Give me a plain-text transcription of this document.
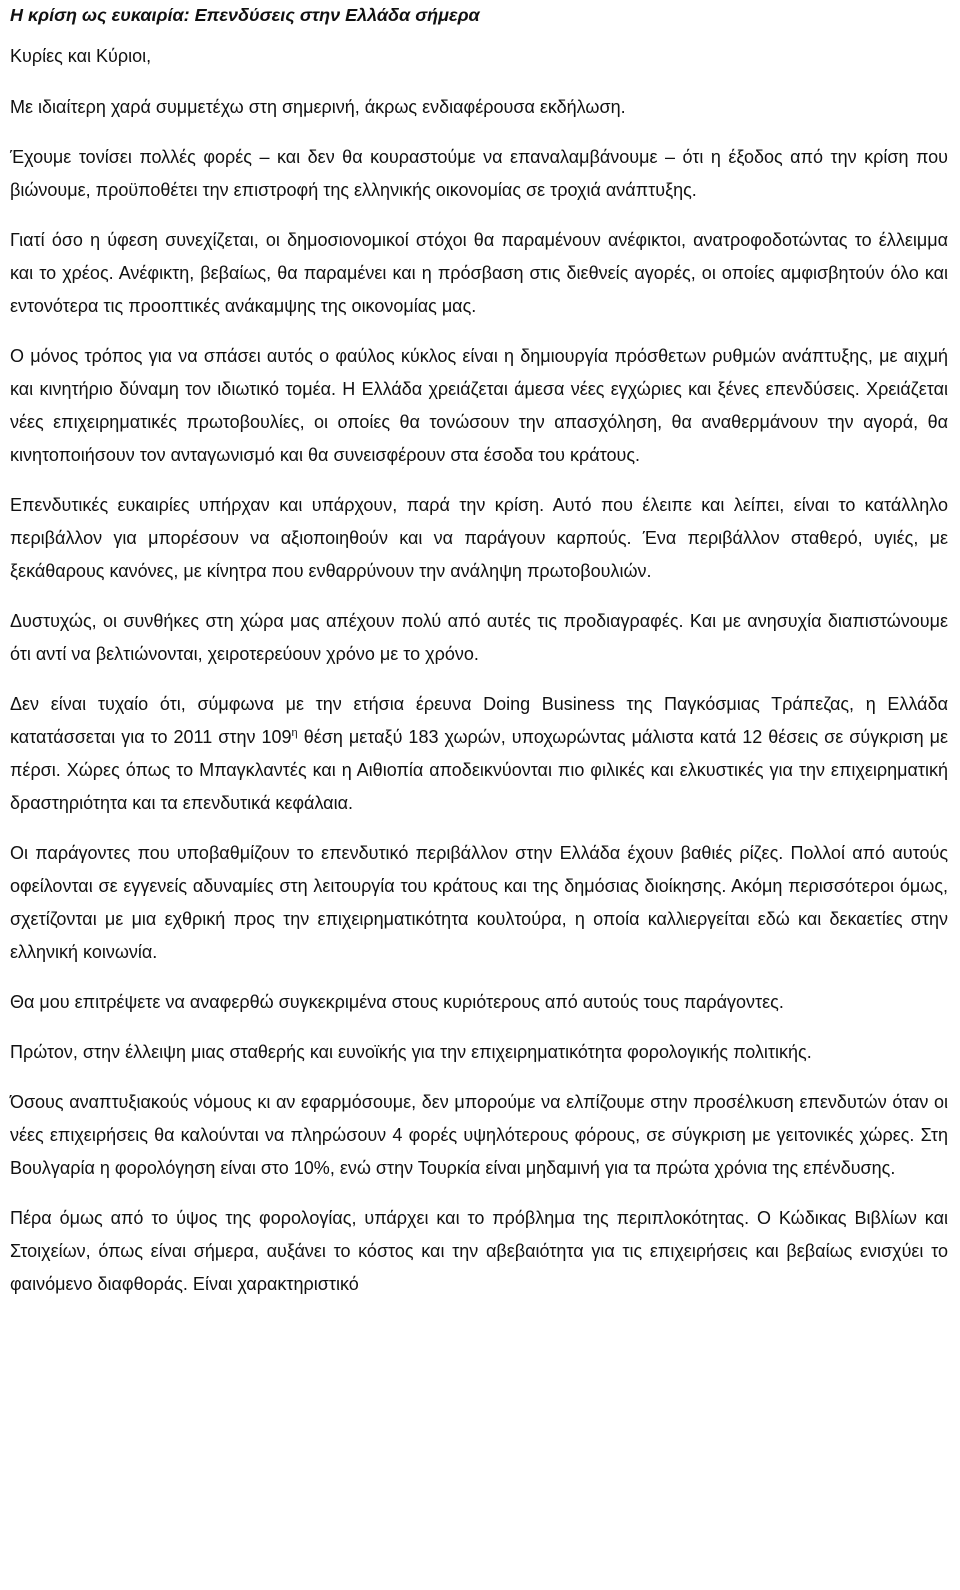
Η κρίση ως ευκαιρία: Επενδύσεις στην Ελλάδα σήμερα
Κυρίες και Κύριοι,

Με ιδιαίτερη χαρά συμμετέχω στη σημερινή, άκρως ενδιαφέρουσα εκδήλωση.

Έχουμε τονίσει πολλές φορές – και δεν θα κουραστούμε να επαναλαμβάνουμε – ότι η έξοδος από την κρίση που βιώνουμε, προϋποθέτει την επιστροφή της ελληνικής οικονομίας σε τροχιά ανάπτυξης.

Γιατί όσο η ύφεση συνεχίζεται, οι δημοσιονομικοί στόχοι θα παραμένουν ανέφικτοι, ανατροφοδοτώντας το έλλειμμα και το χρέος. Ανέφικτη, βεβαίως, θα παραμένει και η πρόσβαση στις διεθνείς αγορές, οι οποίες αμφισβητούν όλο και εντονότερα τις προοπτικές ανάκαμψης της οικονομίας μας.

Ο μόνος τρόπος για να σπάσει αυτός ο φαύλος κύκλος είναι η δημιουργία πρόσθετων ρυθμών ανάπτυξης, με αιχμή και κινητήριο δύναμη τον ιδιωτικό τομέα. Η Ελλάδα χρειάζεται άμεσα νέες εγχώριες και ξένες επενδύσεις. Χρειάζεται νέες επιχειρηματικές πρωτοβουλίες, οι οποίες θα τονώσουν την απασχόληση, θα αναθερμάνουν την αγορά, θα κινητοποιήσουν τον ανταγωνισμό και θα συνεισφέρουν στα έσοδα του κράτους.

Επενδυτικές ευκαιρίες υπήρχαν και υπάρχουν, παρά την κρίση. Αυτό που έλειπε και λείπει, είναι το κατάλληλο περιβάλλον για μπορέσουν να αξιοποιηθούν και να παράγουν καρπούς. Ένα περιβάλλον σταθερό, υγιές, με ξεκάθαρους κανόνες, με κίνητρα που ενθαρρύνουν την ανάληψη πρωτοβουλιών.

Δυστυχώς, οι συνθήκες στη χώρα μας απέχουν πολύ από αυτές τις προδιαγραφές. Και με ανησυχία διαπιστώνουμε ότι αντί να βελτιώνονται, χειροτερεύουν χρόνο με το χρόνο.

Δεν είναι τυχαίο ότι, σύμφωνα με την ετήσια έρευνα Doing Business της Παγκόσμιας Τράπεζας, η Ελλάδα κατατάσσεται για το 2011 στην $109^\eta$ θέση μεταξύ 183 χωρών, υποχωρώντας μάλιστα κατά 12 θέσεις σε σύγκριση με πέρσι. Χώρες όπως το Μπαγκλαντές και η Αιθιοπία αποδεικνύονται πιο φιλικές και ελκυστικές για την επιχειρηματική δραστηριότητα και τα επενδυτικά κεφάλαια.

Οι παράγοντες που υποβαθμίζουν το επενδυτικό περιβάλλον στην Ελλάδα έχουν βαθιές ρίζες. Πολλοί από αυτούς οφείλονται σε εγγενείς αδυναμίες στη λειτουργία του κράτους και της δημόσιας διοίκησης. Ακόμη περισσότεροι όμως, σχετίζονται με μια εχθρική προς την επιχειρηματικότητα κουλτούρα, η οποία καλλιεργείται εδώ και δεκαετίες στην ελληνική κοινωνία.

Θα μου επιτρέψετε να αναφερθώ συγκεκριμένα στους κυριότερους από αυτούς τους παράγοντες.

Πρώτον, στην έλλειψη μιας σταθερής και ευνοϊκής για την επιχειρηματικότητα φορολογικής πολιτικής.

Όσους αναπτυξιακούς νόμους κι αν εφαρμόσουμε, δεν μπορούμε να ελπίζουμε στην προσέλκυση επενδυτών όταν οι νέες επιχειρήσεις θα καλούνται να πληρώσουν 4 φορές υψηλότερους φόρους, σε σύγκριση με γειτονικές χώρες. Στη Βουλγαρία η φορολόγηση είναι στο 10%, ενώ στην Τουρκία είναι μηδαμινή για τα πρώτα χρόνια της επένδυσης.

Πέρα όμως από το ύψος της φορολογίας, υπάρχει και το πρόβλημα της περιπλοκότητας. Ο Κώδικας Βιβλίων και Στοιχείων, όπως είναι σήμερα, αυξάνει το κόστος και την αβεβαιότητα για τις επιχειρήσεις και βεβαίως ενισχύει το φαινόμενο διαφθοράς. Είναι χαρακτηριστικό
